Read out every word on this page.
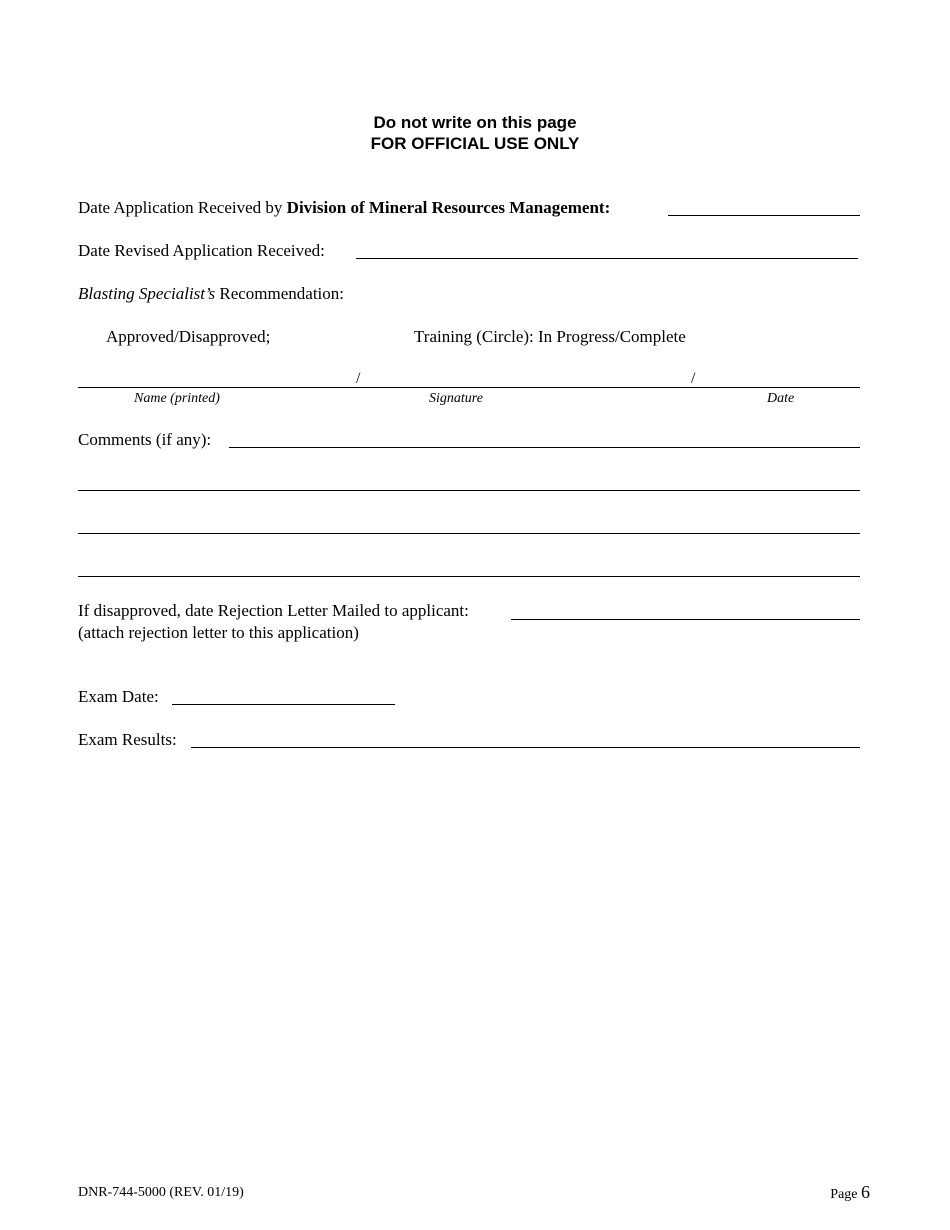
Do not write on this page
FOR OFFICIAL USE ONLY
Date Application Received by Division of Mineral Resources Management:
Date Revised Application Received:
Blasting Specialist’s Recommendation:
Approved/Disapproved;	Training (Circle): In Progress/Complete
/	/
Name (printed)	Signature	Date
Comments (if any):
If disapproved, date Rejection Letter Mailed to applicant:
(attach rejection letter to this application)
Exam Date:
Exam Results:
DNR-744-5000 (REV. 01/19)	Page 6
